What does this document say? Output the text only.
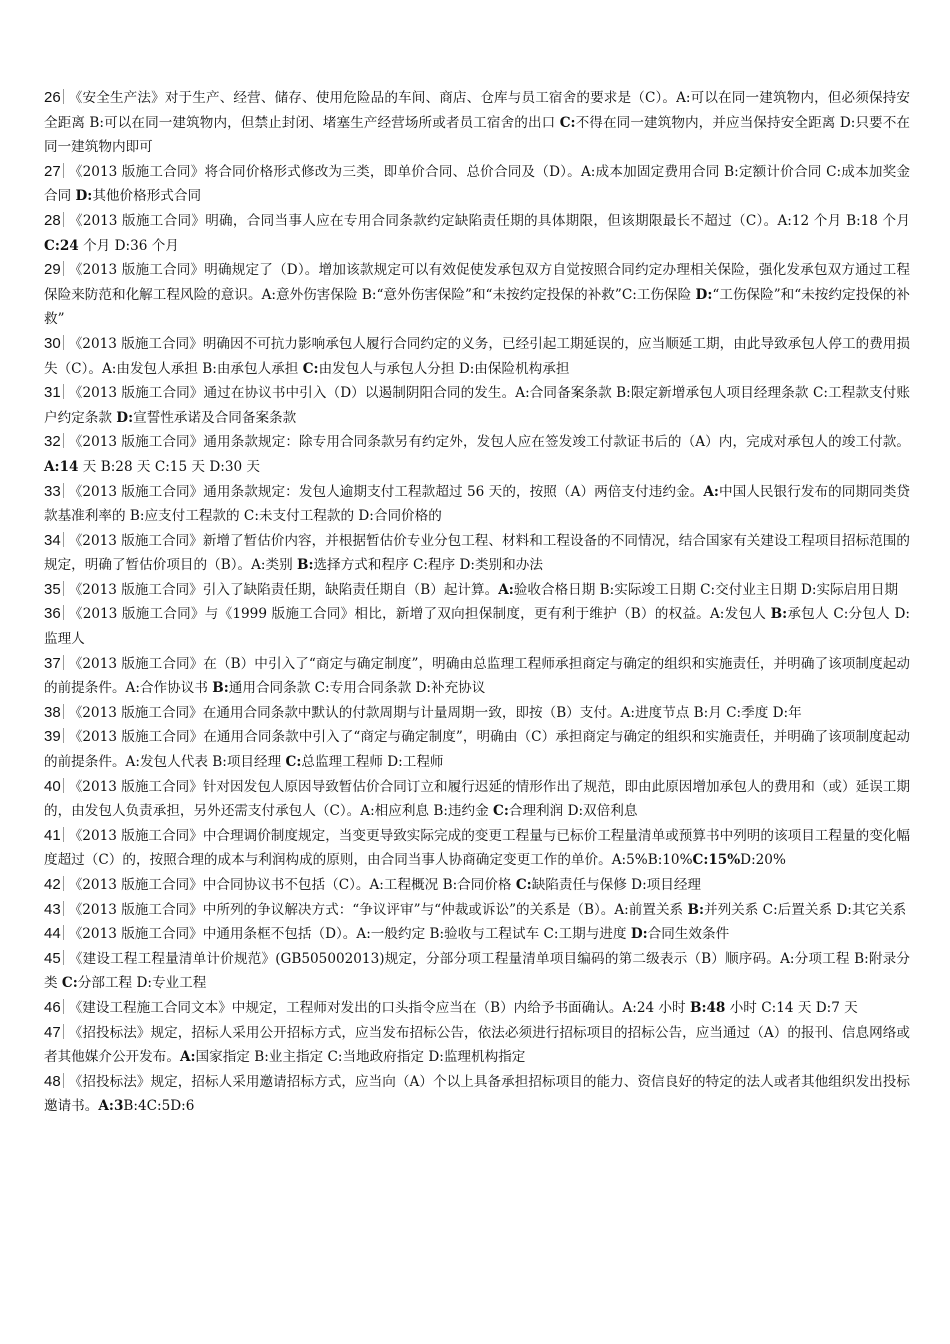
26 《安全生产法》对于生产、经营、储存、使用危险品的车间、商店、仓库与员工宿舍的要求是（C）。A:可以在同一建筑物内，但必须保持安全距离 B:可以在同一建筑物内，但禁止封闭、堵塞生产经营场所或者员工宿舍的出口 C:不得在同一建筑物内，并应当保持安全距离 D:只要不在同一建筑物内即可

27 《2013 版施工合同》将合同价格形式修改为三类，即单价合同、总价合同及（D）。A:成本加固定费用合同 B:定额计价合同 C:成本加奖金合同 D:其他价格形式合同

28 《2013 版施工合同》明确，合同当事人应在专用合同条款约定缺陷责任期的具体期限，但该期限最长不超过（C）。A:12 个月 B:18 个月 C:24 个月 D:36 个月

29 《2013 版施工合同》明确规定了（D）。增加该款规定可以有效促使发承包双方自觉按照合同约定办理相关保险，强化发承包双方通过工程保险来防范和化解工程风险的意识。A:意外伤害保险 B:“意外伤害保险”和“未按约定投保的补救”C:工伤保险 D:“工伤保险”和“未按约定投保的补救”

30 《2013 版施工合同》明确因不可抗力影响承包人履行合同约定的义务，已经引起工期延误的，应当顺延工期，由此导致承包人停工的费用损失（C）。A:由发包人承担 B:由承包人承担 C:由发包人与承包人分担 D:由保险机构承担

31 《2013 版施工合同》通过在协议书中引入（D）以遏制阴阳合同的发生。A:合同备案条款 B:限定新增承包人项目经理条款 C:工程款支付账户约定条款 D:宣誓性承诺及合同备案条款

32 《2013 版施工合同》通用条款规定：除专用合同条款另有约定外，发包人应在签发竣工付款证书后的（A）内，完成对承包人的竣工付款。A:14 天 B:28 天 C:15 天 D:30 天

33 《2013 版施工合同》通用条款规定：发包人逾期支付工程款超过 56 天的，按照（A）两倍支付违约金。A:中国人民银行发布的同期同类贷款基准利率的 B:应支付工程款的 C:未支付工程款的 D:合同价格的

34 《2013 版施工合同》新增了暂估价内容，并根据暂估价专业分包工程、材料和工程设备的不同情况，结合国家有关建设工程项目招标范围的规定，明确了暂估价项目的（B）。A:类别 B:选择方式和程序 C:程序 D:类别和办法

35 《2013 版施工合同》引入了缺陷责任期，缺陷责任期自（B）起计算。A:验收合格日期 B:实际竣工日期 C:交付业主日期 D:实际启用日期

36 《2013 版施工合同》与《1999 版施工合同》相比，新增了双向担保制度，更有利于维护（B）的权益。A:发包人 B:承包人 C:分包人 D:监理人

37 《2013 版施工合同》在（B）中引入了“商定与确定制度”，明确由总监理工程师承担商定与确定的组织和实施责任，并明确了该项制度起动的前提条件。A:合作协议书 B:通用合同条款 C:专用合同条款 D:补充协议

38 《2013 版施工合同》在通用合同条款中默认的付款周期与计量周期一致，即按（B）支付。A:进度节点 B:月 C:季度 D:年

39 《2013 版施工合同》在通用合同条款中引入了“商定与确定制度”，明确由（C）承担商定与确定的组织和实施责任，并明确了该项制度起动的前提条件。A:发包人代表 B:项目经理 C:总监理工程师 D:工程师

40 《2013 版施工合同》针对因发包人原因导致暂估价合同订立和履行迟延的情形作出了规范，即由此原因增加承包人的费用和（或）延误工期的，由发包人负责承担，另外还需支付承包人（C）。A:相应利息 B:违约金 C:合理利润 D:双倍利息

41 《2013 版施工合同》中合理调价制度规定，当变更导致实际完成的变更工程量与已标价工程量清单或预算书中列明的该项目工程量的变化幅度超过（C）的，按照合理的成本与利润构成的原则，由合同当事人协商确定变更工作的单价。A:5%B:10%C:15%D:20%

42 《2013 版施工合同》中合同协议书不包括（C）。A:工程概况 B:合同价格 C:缺陷责任与保修 D:项目经理

43 《2013 版施工合同》中所列的争议解决方式：“争议评审”与“仲裁或诉讼”的关系是（B）。A:前置关系 B:并列关系 C:后置关系 D:其它关系

44 《2013 版施工合同》中通用条框不包括（D）。A:一般约定 B:验收与工程试车 C:工期与进度 D:合同生效条件

45 《建设工程工程量清单计价规范》(GB505002013)规定，分部分项工程量清单项目编码的第二级表示（B）顺序码。A:分项工程 B:附录分类 C:分部工程 D:专业工程

46 《建设工程施工合同文本》中规定，工程师对发出的口头指令应当在（B）内给予书面确认。A:24 小时 B:48 小时 C:14 天 D:7 天

47 《招投标法》规定，招标人采用公开招标方式，应当发布招标公告，依法必须进行招标项目的招标公告，应当通过（A）的报刊、信息网络或者其他媒介公开发布。A:国家指定 B:业主指定 C:当地政府指定 D:监理机构指定

48 《招投标法》规定，招标人采用邀请招标方式，应当向（A）个以上具备承担招标项目的能力、资信良好的特定的法人或者其他组织发出投标邀请书。A:3B:4C:5D:6
